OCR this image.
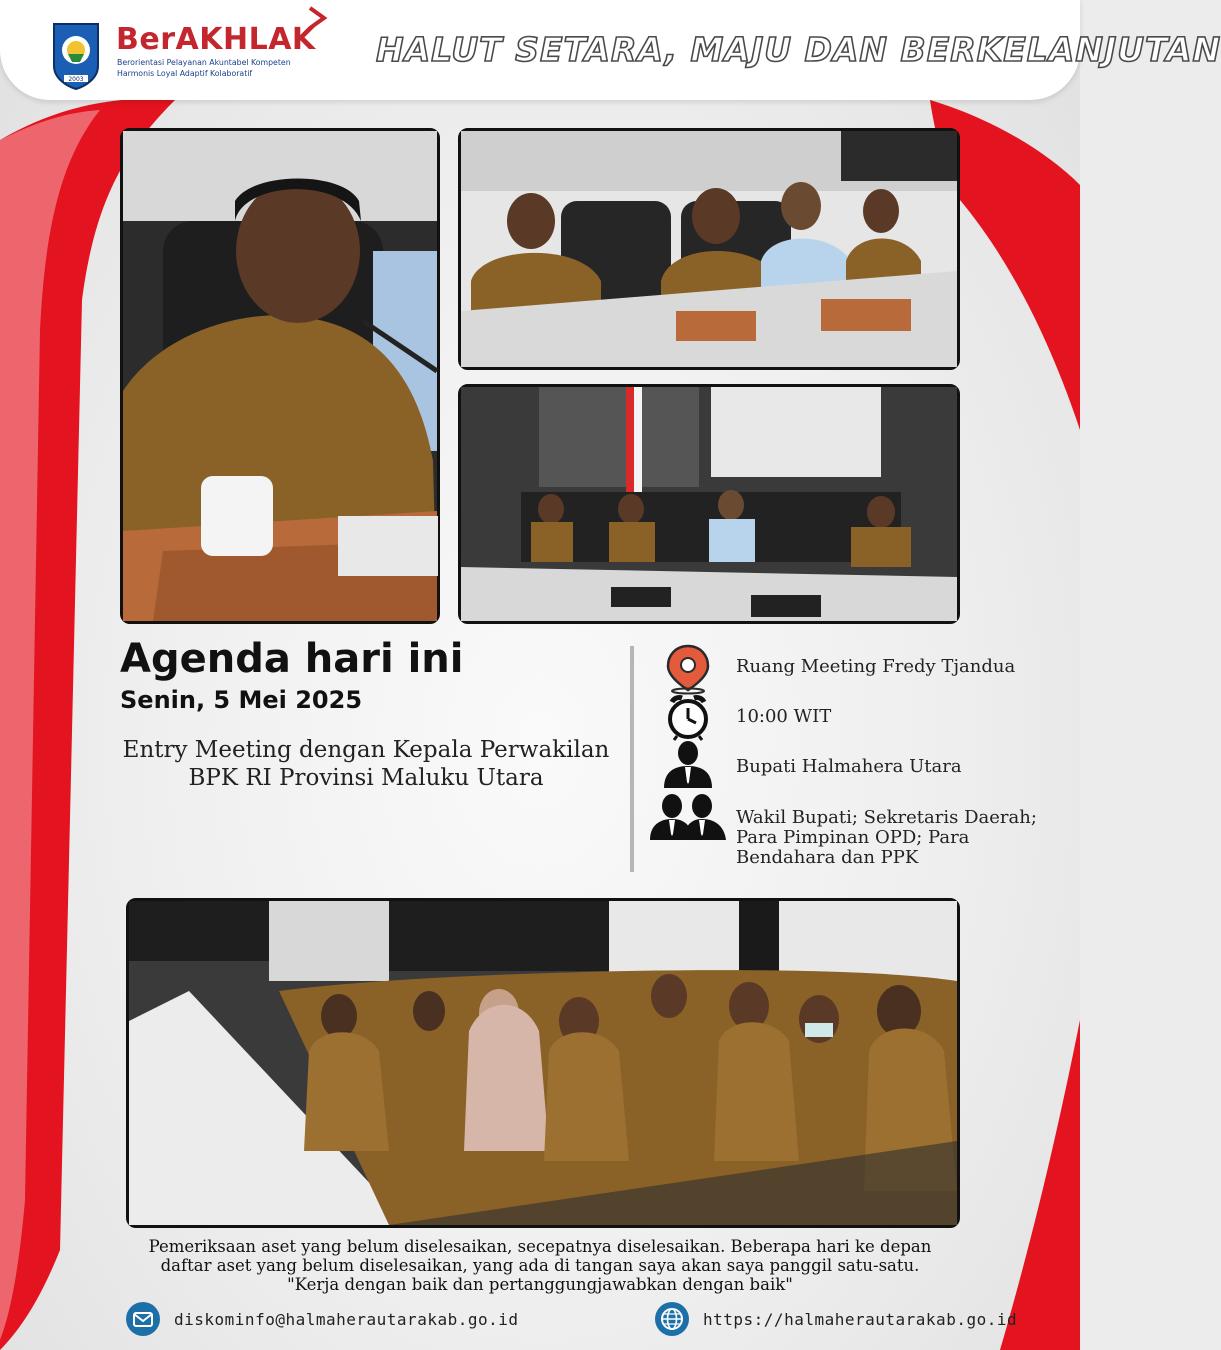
2003
BerAKHLAK
Berorientasi Pelayanan Akuntabel Kompeten
Harmonis Loyal Adaptif Kolaboratif
HALUT SETARA, MAJU DAN BERKELANJUTAN
Agenda hari ini
Senin, 5 Mei 2025
Entry Meeting dengan Kepala Perwakilan BPK RI Provinsi Maluku Utara
Ruang Meeting Fredy Tjandua
10:00 WIT
Bupati Halmahera Utara
Wakil Bupati; Sekretaris Daerah; Para Pimpinan OPD; Para Bendahara dan PPK
Pemeriksaan aset yang belum diselesaikan, secepatnya diselesaikan. Beberapa hari ke depan daftar aset yang belum diselesaikan, yang ada di tangan saya akan saya panggil satu-satu. "Kerja dengan baik dan pertanggungjawabkan dengan baik"
diskominfo@halmaherautarakab.go.id	https://halmaherautarakab.go.id
